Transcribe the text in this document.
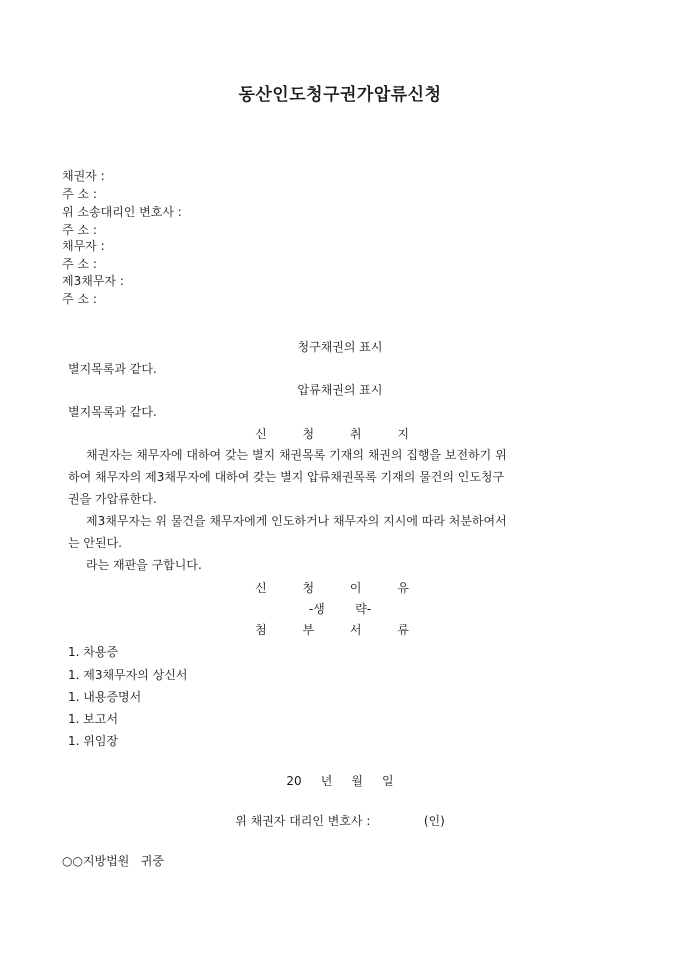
동산인도청구권가압류신청
채권자 :
주 소 :
위 소송대리인 변호사 :
주 소 :
채무자 :
주 소 :
제3채무자 :
주 소 :
청구채권의 표시
별지목록과 같다.
압류채권의 표시
별지목록과 같다.
신 청 취 지
채권자는 채무자에 대하여 갖는 별지 채권목록 기재의 채권의 집행을 보전하기 위
하여 채무자의 제3채무자에 대하여 갖는 별지 압류채권목록 기재의 물건의 인도청구
권을 가압류한다.
제3채무자는 위 물건을 채무자에게 인도하거나 채무자의 지시에 따라 처분하여서
는 안된다.
라는 재판을 구합니다.
신 청 이 유
-생        략-
첨 부 서 류
1. 차용증
1. 제3채무자의 상신서
1. 내용증명서
1. 보고서
1. 위임장
20     년     월     일
위 채권자 대리인 변호사 :              (인)
○○지방법원   귀중
